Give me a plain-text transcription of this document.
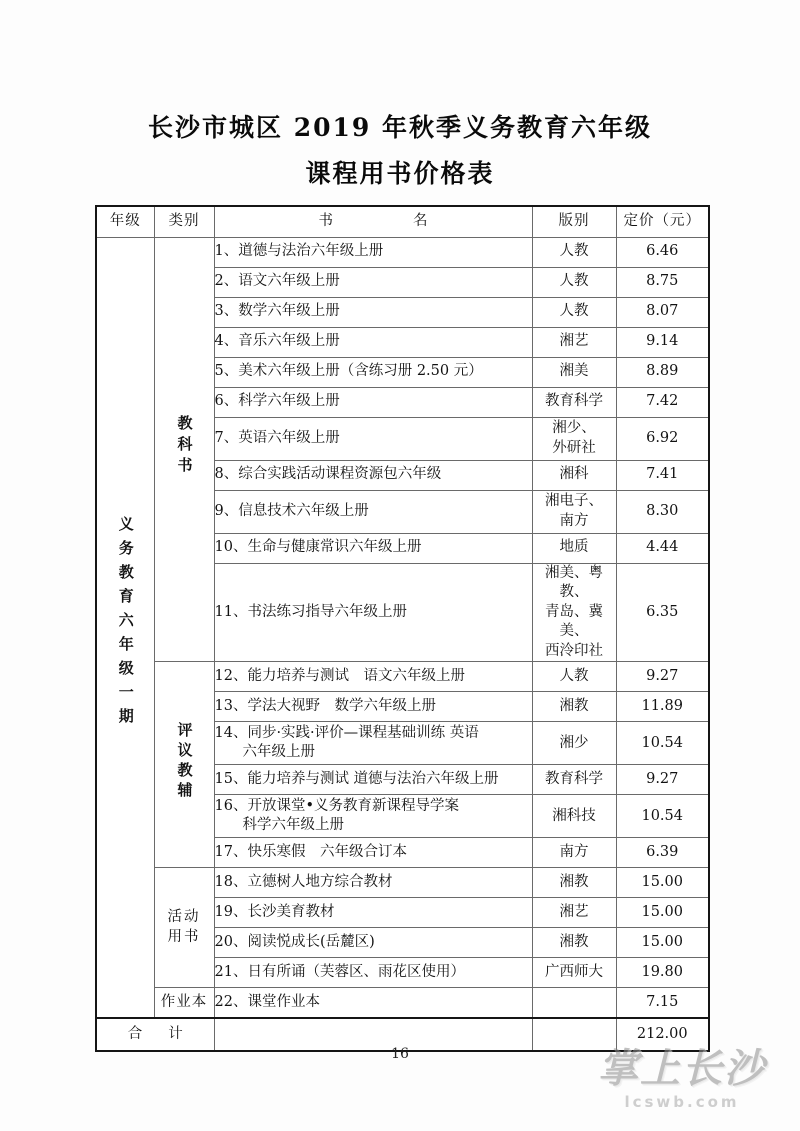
长沙市城区 2019 年秋季义务教育六年级
课程用书价格表
年级	类别	书 名	版别	定价（元）
义务教育六年级一期	教科书	1、道德与法治六年级上册	人教	6.46
		2、语文六年级上册	人教	8.75
		3、数学六年级上册	人教	8.07
		4、音乐六年级上册	湘艺	9.14
		5、美术六年级上册（含练习册 2.50 元）	湘美	8.89
		6、科学六年级上册	教育科学	7.42
		7、英语六年级上册	湘少、
外研社	6.92
		8、综合实践活动课程资源包六年级	湘科	7.41
		9、信息技术六年级上册	湘电子、
南方	8.30
		10、生命与健康常识六年级上册	地质	4.44
		11、书法练习指导六年级上册	湘美、粤教、
青岛、冀美、
西泠印社	6.35
	评议教辅	12、能力培养与测试　语文六年级上册	人教	9.27
		13、学法大视野　数学六年级上册	湘教	11.89
		14、同步·实践·评价—课程基础训练 英语
六年级上册	湘少	10.54
		15、能力培养与测试 道德与法治六年级上册	教育科学	9.27
		16、开放课堂•义务教育新课程导学案
科学六年级上册	湘科技	10.54
		17、快乐寒假　六年级合订本	南方	6.39
	活动
用书	18、立德树人地方综合教材	湘教	15.00
		19、长沙美育教材	湘艺	15.00
		20、阅读悦成长(岳麓区)	湘教	15.00
		21、日有所诵（芙蓉区、雨花区使用）	广西师大	19.80
	作业本	22、课堂作业本		7.15
合 计				212.00
16	掌上长沙
lcswb.com
